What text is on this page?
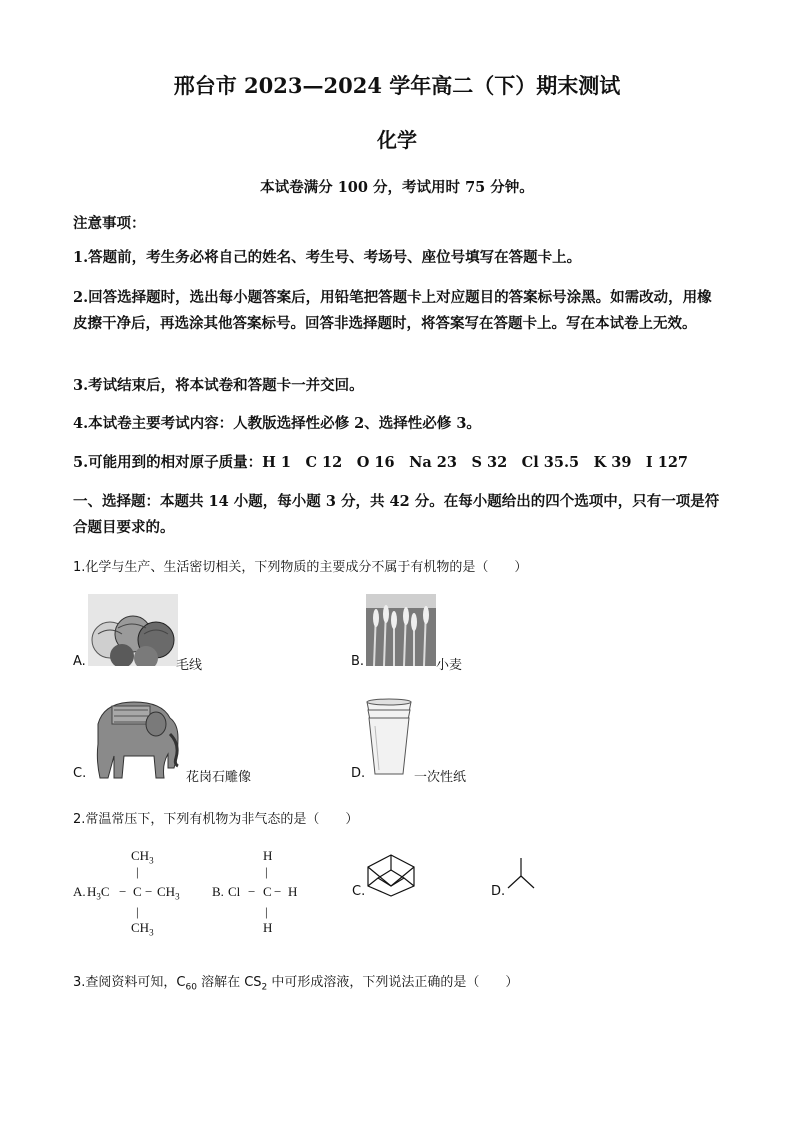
邢台市 2023—2024 学年高二（下）期末测试
化学
本试卷满分 100 分，考试用时 75 分钟。
注意事项：
1.答题前，考生务必将自己的姓名、考生号、考场号、座位号填写在答题卡上。
2.回答选择题时，选出每小题答案后，用铅笔把答题卡上对应题目的答案标号涂黑。如需改动，用橡皮擦干净后，再选涂其他答案标号。回答非选择题时，将答案写在答题卡上。写在本试卷上无效。
3.考试结束后，将本试卷和答题卡一并交回。
4.本试卷主要考试内容：人教版选择性必修 2、选择性必修 3。
5.可能用到的相对原子质量：H 1　C 12　O 16　Na 23　S 32　Cl 35.5　K 39　I 127
一、选择题：本题共 14 小题，每小题 3 分，共 42 分。在每小题给出的四个选项中，只有一项是符合题目要求的。
1.化学与生产、生活密切相关，下列物质的主要成分不属于有机物的是（　　）
A.	毛线	B.	小麦
C.	花岗石雕像	D.	一次性纸
2.常温常压下，下列有机物为非气态的是（　　）
$CH_3$
|
A. $H_3C - C - CH_3$
|
$CH_3$
H
|
B. Cl − C − H
|
H
C.	D.
3.查阅资料可知，$C_{60}$ 溶解在 $CS_2$ 中可形成溶液，下列说法正确的是（　　）
